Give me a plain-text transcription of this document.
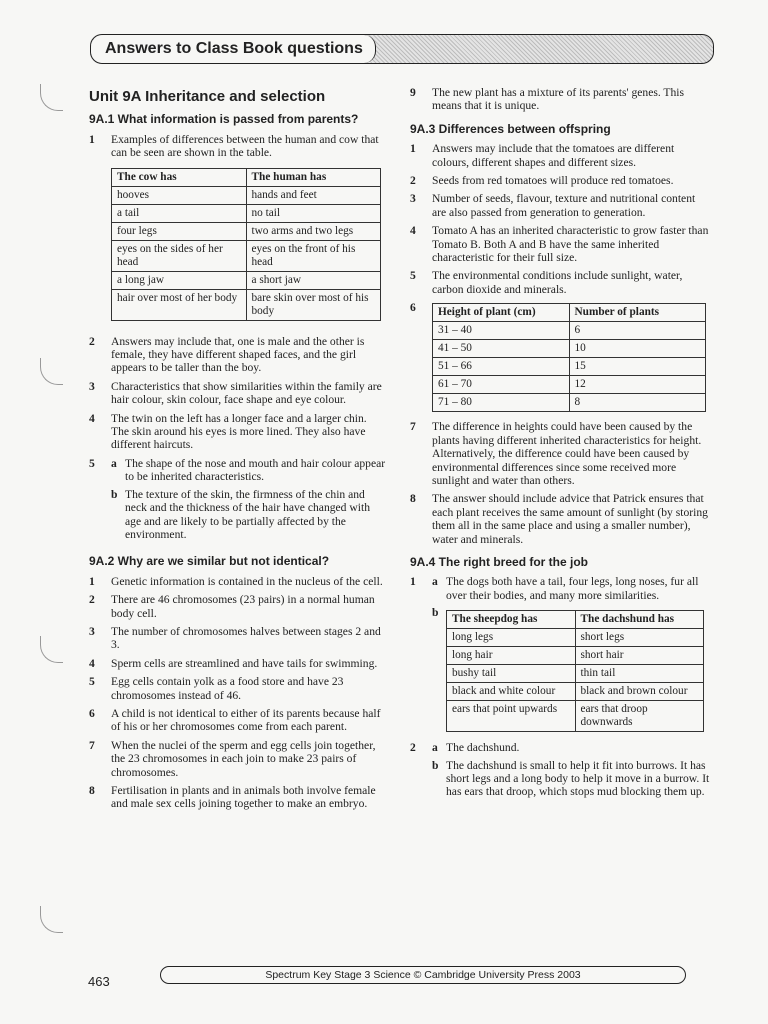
Answers to Class Book questions
Unit 9A Inheritance and selection
9A.1 What information is passed from parents?
1	Examples of differences between the human and cow that can be seen are shown in the table.
The cow has	The human has
hooves	hands and feet
a tail	no tail
four legs	two arms and two legs
eyes on the sides of her head	eyes on the front of his head
a long jaw	a short jaw
hair over most of her body	bare skin over most of his body
2	Answers may include that, one is male and the other is female, they have different shaped faces, and the girl appears to be taller than the boy.
3	Characteristics that show similarities within the family are hair colour, skin colour, face shape and eye colour.
4	The twin on the left has a longer face and a larger chin. The skin around his eyes is more lined. They also have different haircuts.
5	a The shape of the nose and mouth and hair colour appear to be inherited characteristics.
b The texture of the skin, the firmness of the chin and neck and the thickness of the hair have changed with age and are likely to be partially affected by the environment.
9A.2 Why are we similar but not identical?
1	Genetic information is contained in the nucleus of the cell.
2	There are 46 chromosomes (23 pairs) in a normal human body cell.
3	The number of chromosomes halves between stages 2 and 3.
4	Sperm cells are streamlined and have tails for swimming.
5	Egg cells contain yolk as a food store and have 23 chromosomes instead of 46.
6	A child is not identical to either of its parents because half of his or her chromosomes come from each parent.
7	When the nuclei of the sperm and egg cells join together, the 23 chromosomes in each join to make 23 pairs of chromosomes.
8	Fertilisation in plants and in animals both involve female and male sex cells joining together to make an embryo.
9	The new plant has a mixture of its parents' genes. This means that it is unique.
9A.3 Differences between offspring
1	Answers may include that the tomatoes are different colours, different shapes and different sizes.
2	Seeds from red tomatoes will produce red tomatoes.
3	Number of seeds, flavour, texture and nutritional content are also passed from generation to generation.
4	Tomato A has an inherited characteristic to grow faster than Tomato B. Both A and B have the same inherited characteristic for their full size.
5	The environmental conditions include sunlight, water, carbon dioxide and minerals.
6	Height of plant (cm)	Number of plants
31 – 40	6
41 – 50	10
51 – 66	15
61 – 70	12
71 – 80	8
7	The difference in heights could have been caused by the plants having different inherited characteristics for height. Alternatively, the difference could have been caused by environmental differences since some received more sunlight and water than others.
8	The answer should include advice that Patrick ensures that each plant receives the same amount of sunlight (by storing them all in the same place and using a smaller number), water and minerals.
9A.4 The right breed for the job
1	a The dogs both have a tail, four legs, long noses, fur all over their bodies, and many more similarities.
b	The sheepdog has	The dachshund has
long legs	short legs
long hair	short hair
bushy tail	thin tail
black and white colour	black and brown colour
ears that point upwards	ears that droop downwards
2	a The dachshund.
b The dachshund is small to help it fit into burrows. It has short legs and a long body to help it move in a burrow. It has ears that droop, which stops mud blocking them up.
463	Spectrum Key Stage 3 Science © Cambridge University Press 2003
